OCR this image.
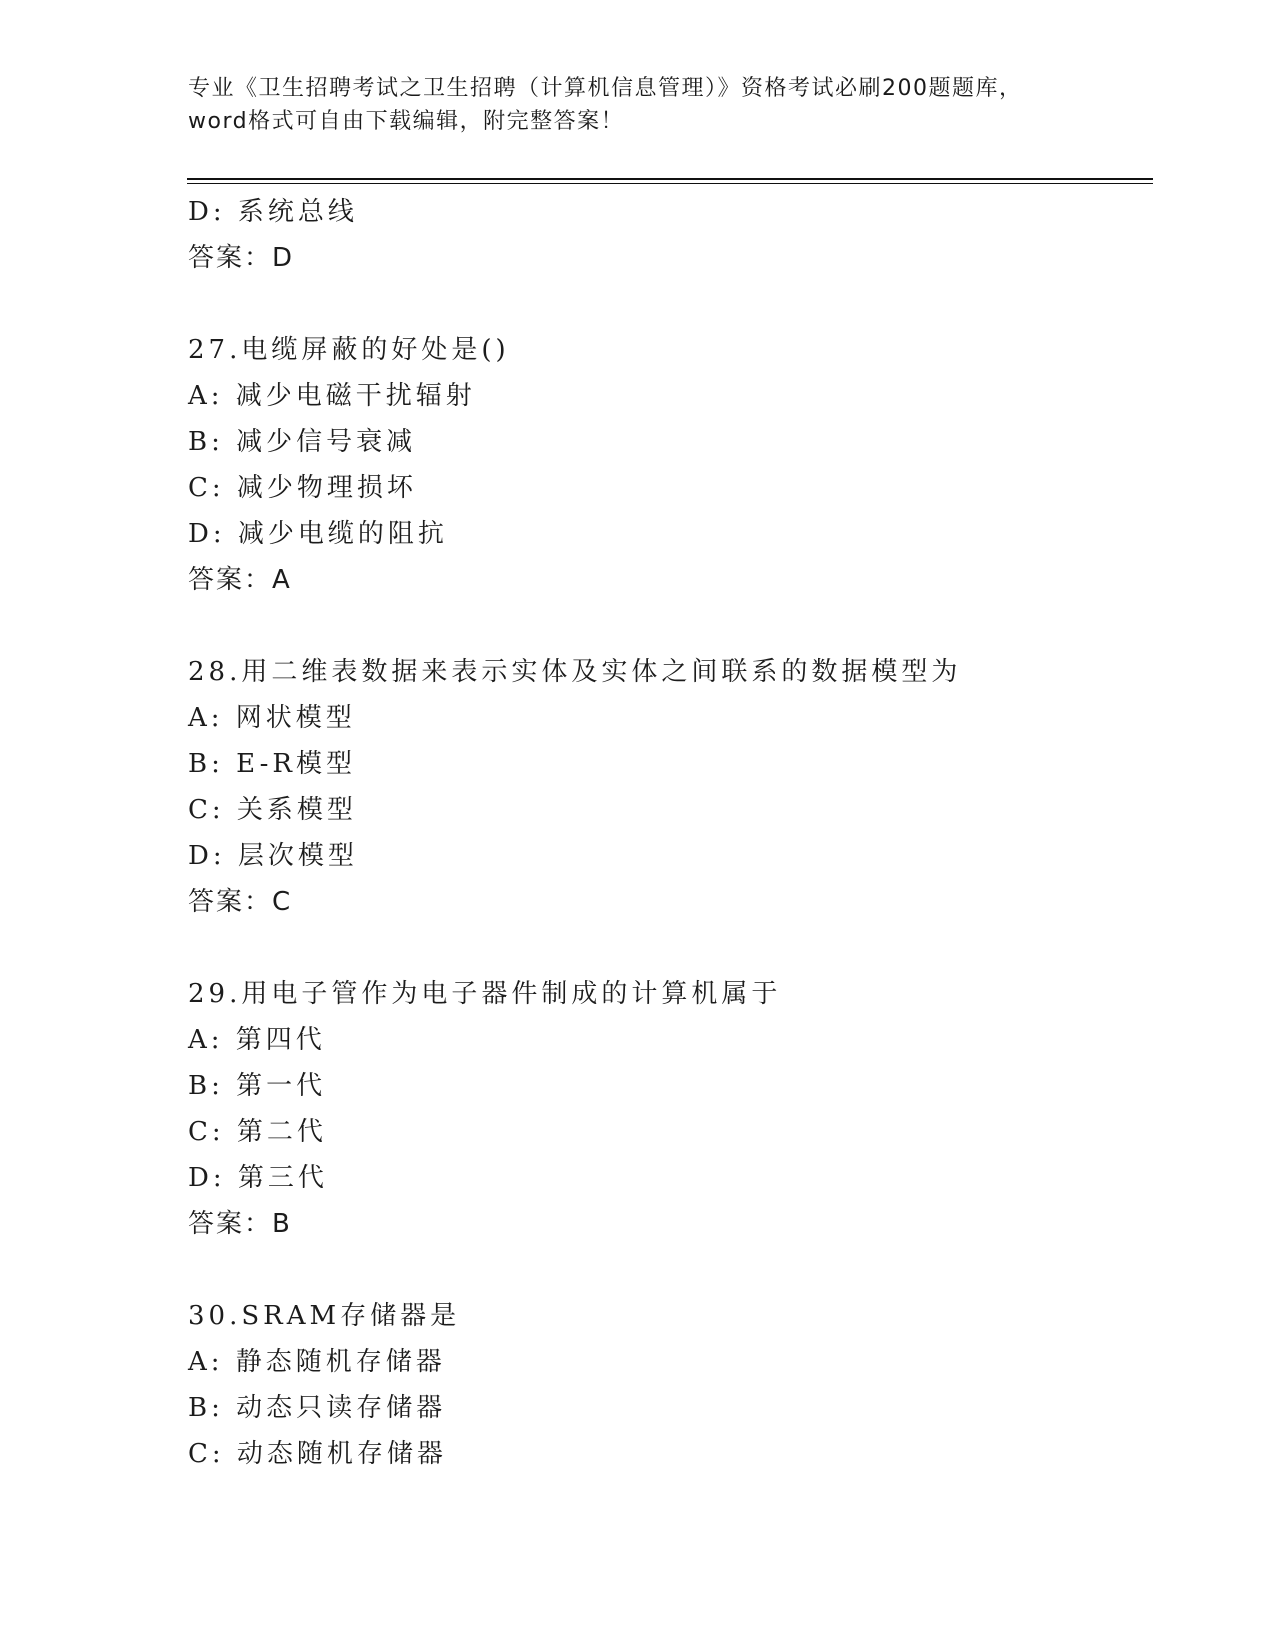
专业《卫生招聘考试之卫生招聘（计算机信息管理）》资格考试必刷200题题库，
word格式可自由下载编辑，附完整答案！
D: 系统总线
答案：D
27.电缆屏蔽的好处是()
A: 减少电磁干扰辐射
B: 减少信号衰减
C: 减少物理损坏
D: 减少电缆的阻抗
答案：A
28.用二维表数据来表示实体及实体之间联系的数据模型为
A: 网状模型
B: E-R模型
C: 关系模型
D: 层次模型
答案：C
29.用电子管作为电子器件制成的计算机属于
A: 第四代
B: 第一代
C: 第二代
D: 第三代
答案：B
30.SRAM存储器是
A: 静态随机存储器
B: 动态只读存储器
C: 动态随机存储器
